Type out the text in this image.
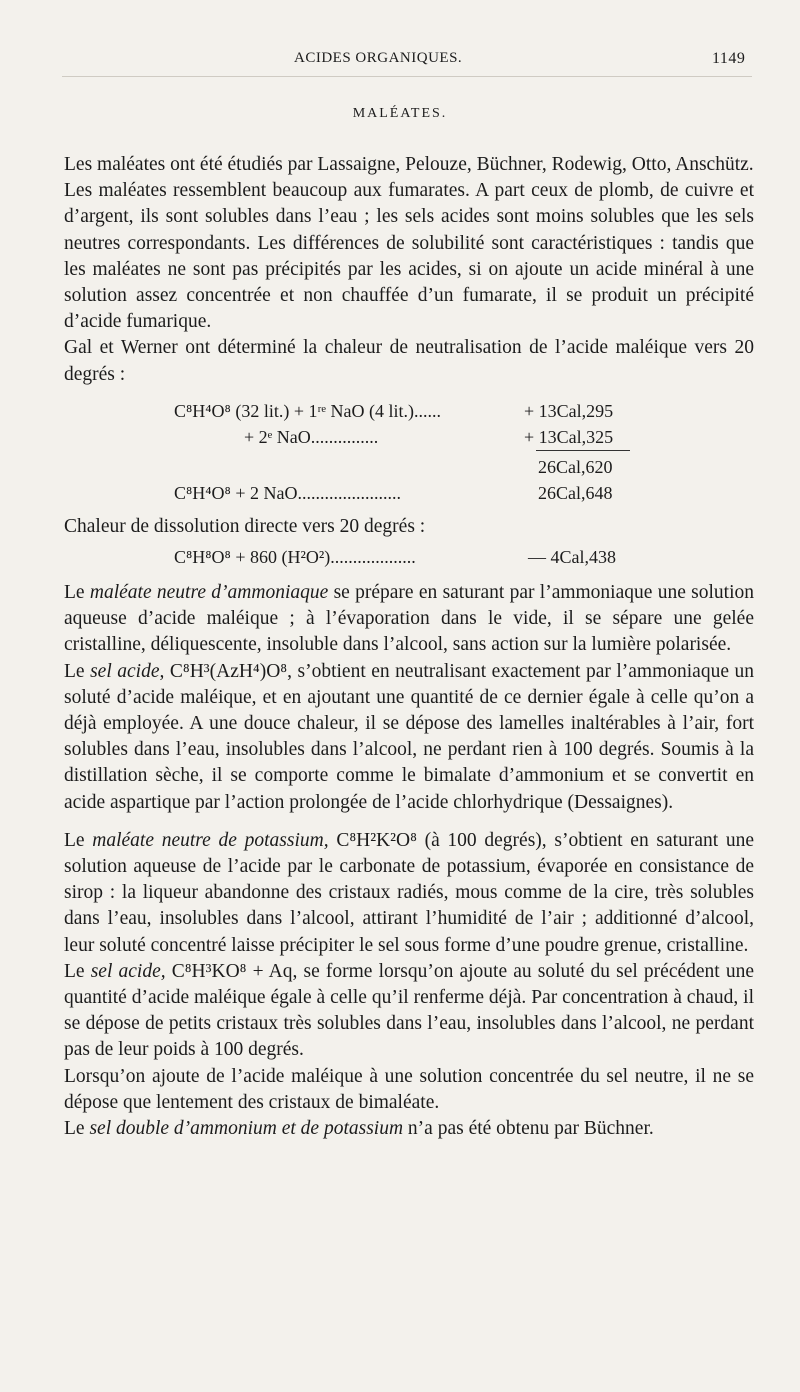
ACIDES ORGANIQUES.	1149
MALÉATES.

Les maléates ont été étudiés par Lassaigne, Pelouze, Büchner, Rodewig, Otto, Anschütz.

Les maléates ressemblent beaucoup aux fumarates. A part ceux de plomb, de cuivre et d’argent, ils sont solubles dans l’eau ; les sels acides sont moins solubles que les sels neutres correspondants. Les différences de solubilité sont caractéristiques : tandis que les maléates ne sont pas précipités par les acides, si on ajoute un acide minéral à une solution assez concentrée et non chauffée d’un fumarate, il se produit un précipité d’acide fumarique.

Gal et Werner ont déterminé la chaleur de neutralisation de l’acide maléique vers 20 degrés :

C⁸H⁴O⁸ (32 lit.) + 1ʳᵉ NaO (4 lit.)......	+ 13Cal,295
+ 2ᵉ NaO...............	+ 13Cal,325
26Cal,620
C⁸H⁴O⁸ + 2 NaO.......................	26Cal,648

Chaleur de dissolution directe vers 20 degrés :

C⁸H⁸O⁸ + 860 (H²O²)...................	— 4Cal,438

Le maléate neutre d’ammoniaque se prépare en saturant par l’ammoniaque une solution aqueuse d’acide maléique ; à l’évaporation dans le vide, il se sépare une gelée cristalline, déliquescente, insoluble dans l’alcool, sans action sur la lumière polarisée.

Le sel acide, C⁸H³(AzH⁴)O⁸, s’obtient en neutralisant exactement par l’ammoniaque un soluté d’acide maléique, et en ajoutant une quantité de ce dernier égale à celle qu’on a déjà employée. A une douce chaleur, il se dépose des lamelles inaltérables à l’air, fort solubles dans l’eau, insolubles dans l’alcool, ne perdant rien à 100 degrés. Soumis à la distillation sèche, il se comporte comme le bimalate d’ammonium et se convertit en acide aspartique par l’action prolongée de l’acide chlorhydrique (Dessaignes).

Le maléate neutre de potassium, C⁸H²K²O⁸ (à 100 degrés), s’obtient en saturant une solution aqueuse de l’acide par le carbonate de potassium, évaporée en consistance de sirop : la liqueur abandonne des cristaux radiés, mous comme de la cire, très solubles dans l’eau, insolubles dans l’alcool, attirant l’humidité de l’air ; additionné d’alcool, leur soluté concentré laisse précipiter le sel sous forme d’une poudre grenue, cristalline.

Le sel acide, C⁸H³KO⁸ + Aq, se forme lorsqu’on ajoute au soluté du sel précédent une quantité d’acide maléique égale à celle qu’il renferme déjà. Par concentration à chaud, il se dépose de petits cristaux très solubles dans l’eau, insolubles dans l’alcool, ne perdant pas de leur poids à 100 degrés.

Lorsqu’on ajoute de l’acide maléique à une solution concentrée du sel neutre, il ne se dépose que lentement des cristaux de bimaléate.

Le sel double d’ammonium et de potassium n’a pas été obtenu par Büchner.
